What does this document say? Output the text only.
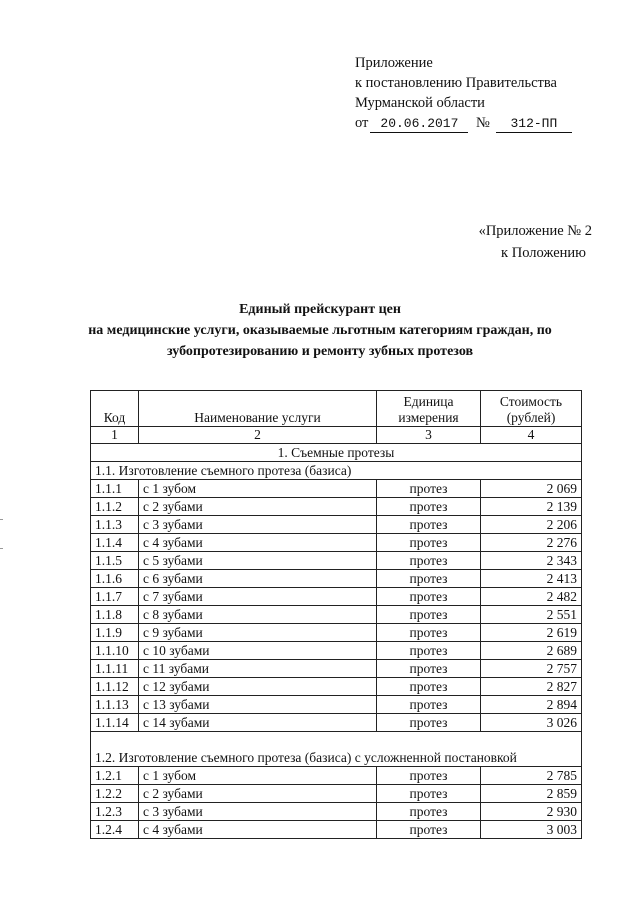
Приложение
к постановлению Правительства
Мурманской области
от 20.06.2017 № 312-ПП
«Приложение № 2
к Положению
Единый прейскурант цен
на медицинские услуги, оказываемые льготным категориям граждан, по
зубопротезированию и ремонту зубных протезов
Код	Наименование услуги	Единица измерения	Стоимость (рублей)
1	2	3	4
1. Съемные протезы			
1.1. Изготовление съемного протеза (базиса)			
1.1.1	с 1 зубом	протез	2 069
1.1.2	с 2 зубами	протез	2 139
1.1.3	с 3 зубами	протез	2 206
1.1.4	с 4 зубами	протез	2 276
1.1.5	с 5 зубами	протез	2 343
1.1.6	с 6 зубами	протез	2 413
1.1.7	с 7 зубами	протез	2 482
1.1.8	с 8 зубами	протез	2 551
1.1.9	с 9 зубами	протез	2 619
1.1.10	с 10 зубами	протез	2 689
1.1.11	с 11 зубами	протез	2 757
1.1.12	с 12 зубами	протез	2 827
1.1.13	с 13 зубами	протез	2 894
1.1.14	с 14 зубами	протез	3 026
1.2. Изготовление съемного протеза (базиса) с усложненной постановкой			
1.2.1	с 1 зубом	протез	2 785
1.2.2	с 2 зубами	протез	2 859
1.2.3	с 3 зубами	протез	2 930
1.2.4	с 4 зубами	протез	3 003
